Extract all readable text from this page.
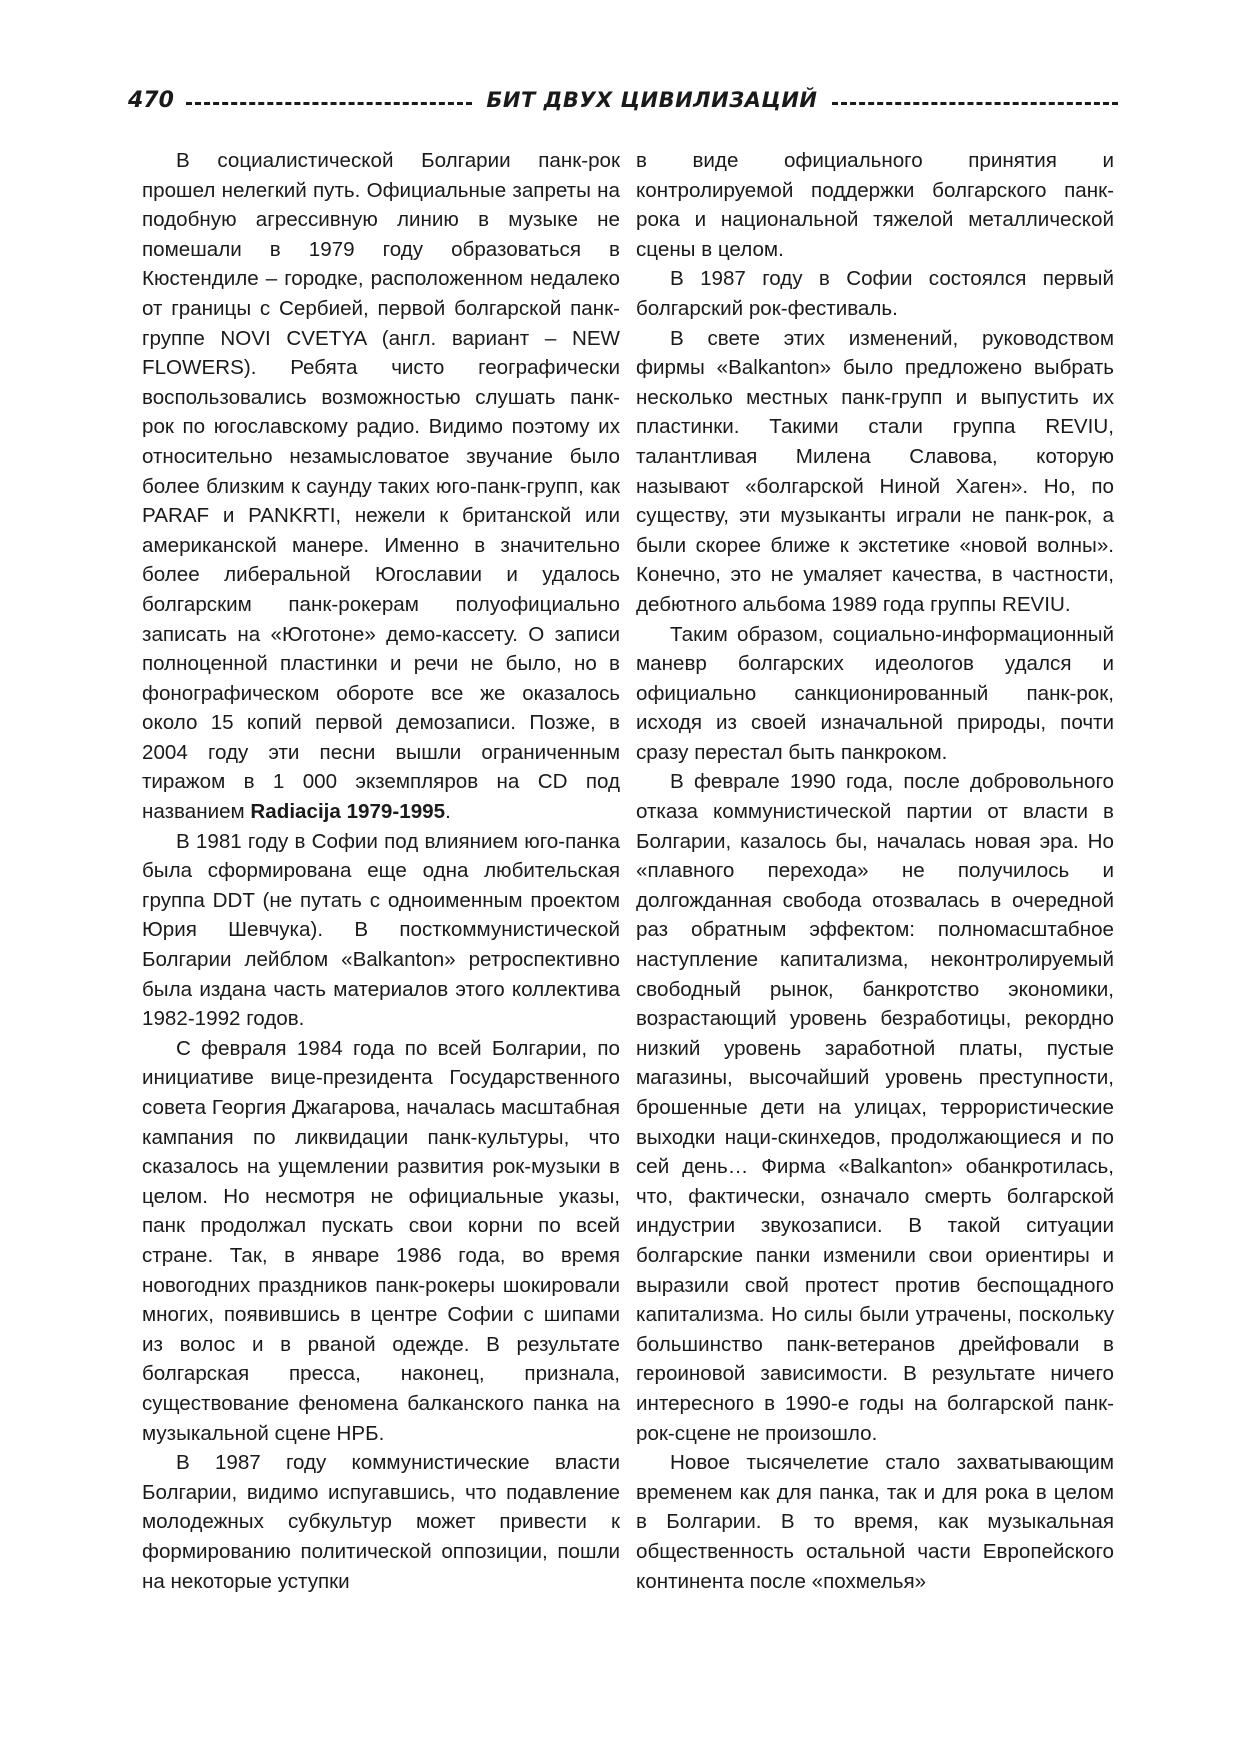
470	БИТ ДВУХ ЦИВИЛИЗАЦИЙ

В социалистической Болгарии панк-рок прошел нелегкий путь. Официальные запреты на подобную агрессивную линию в музыке не помешали в 1979 году образоваться в Кюстендиле – городке, расположенном недалеко от границы с Сербией, первой болгарской панк-группе NOVI CVETYA (англ. вариант – NEW FLOWERS). Ребята чисто географически воспользовались возможностью слушать панк-рок по югославскому радио. Видимо поэтому их относительно незамысловатое звучание было более близким к саунду таких юго-панк-групп, как PARAF и PANKRTI, нежели к британской или американской манере. Именно в значительно более либеральной Югославии и удалось болгарским панк-рокерам полуофициально записать на «Юготоне» демо-кассету. О записи полноценной пластинки и речи не было, но в фонографическом обороте все же оказалось около 15 копий первой демозаписи. Позже, в 2004 году эти песни вышли ограниченным тиражом в 1 000 экземпляров на CD под названием Radiacija 1979-1995.

В 1981 году в Софии под влиянием юго-панка была сформирована еще одна любительская группа DDT (не путать с одноименным проектом Юрия Шевчука). В посткоммунистической Болгарии лейблом «Balkanton» ретроспективно была издана часть материалов этого коллектива 1982-1992 годов.

С февраля 1984 года по всей Болгарии, по инициативе вице-президента Государственного совета Георгия Джагарова, началась масштабная кампания по ликвидации панк-культуры, что сказалось на ущемлении развития рок-музыки в целом. Но несмотря не официальные указы, панк продолжал пускать свои корни по всей стране. Так, в январе 1986 года, во время новогодних праздников панк-рокеры шокировали многих, появившись в центре Софии с шипами из волос и в рваной одежде. В результате болгарская пресса, наконец, признала, существование феномена балканского панка на музыкальной сцене НРБ.

В 1987 году коммунистические власти Болгарии, видимо испугавшись, что подавление молодежных субкультур может привести к формированию политической оппозиции, пошли на некоторые уступки

в виде официального принятия и контролируемой поддержки болгарского панк-рока и национальной тяжелой металлической сцены в целом.

В 1987 году в Софии состоялся первый болгарский рок-фестиваль.

В свете этих изменений, руководством фирмы «Balkanton» было предложено выбрать несколько местных панк-групп и выпустить их пластинки. Такими стали группа REVIU, талантливая Милена Славова, которую называют «болгарской Ниной Хаген». Но, по существу, эти музыканты играли не панк-рок, а были скорее ближе к экстетике «новой волны». Конечно, это не умаляет качества, в частности, дебютного альбома 1989 года группы REVIU.

Таким образом, социально-информационный маневр болгарских идеологов удался и официально санкционированный панк-рок, исходя из своей изначальной природы, почти сразу перестал быть панкроком.

В феврале 1990 года, после добровольного отказа коммунистической партии от власти в Болгарии, казалось бы, началась новая эра. Но «плавного перехода» не получилось и долгожданная свобода отозвалась в очередной раз обратным эффектом: полномасштабное наступление капитализма, неконтролируемый свободный рынок, банкротство экономики, возрастающий уровень безработицы, рекордно низкий уровень заработной платы, пустые магазины, высочайший уровень преступности, брошенные дети на улицах, террористические выходки наци-скинхедов, продолжающиеся и по сей день… Фирма «Balkanton» обанкротилась, что, фактически, означало смерть болгарской индустрии звукозаписи. В такой ситуации болгарские панки изменили свои ориентиры и выразили свой протест против беспощадного капитализма. Но силы были утрачены, поскольку большинство панк-ветеранов дрейфовали в героиновой зависимости. В результате ничего интересного в 1990-е годы на болгарской панк-рок-сцене не произошло.

Новое тысячелетие стало захватывающим временем как для панка, так и для рока в целом в Болгарии. В то время, как музыкальная общественность остальной части Европейского континента после «похмелья»
